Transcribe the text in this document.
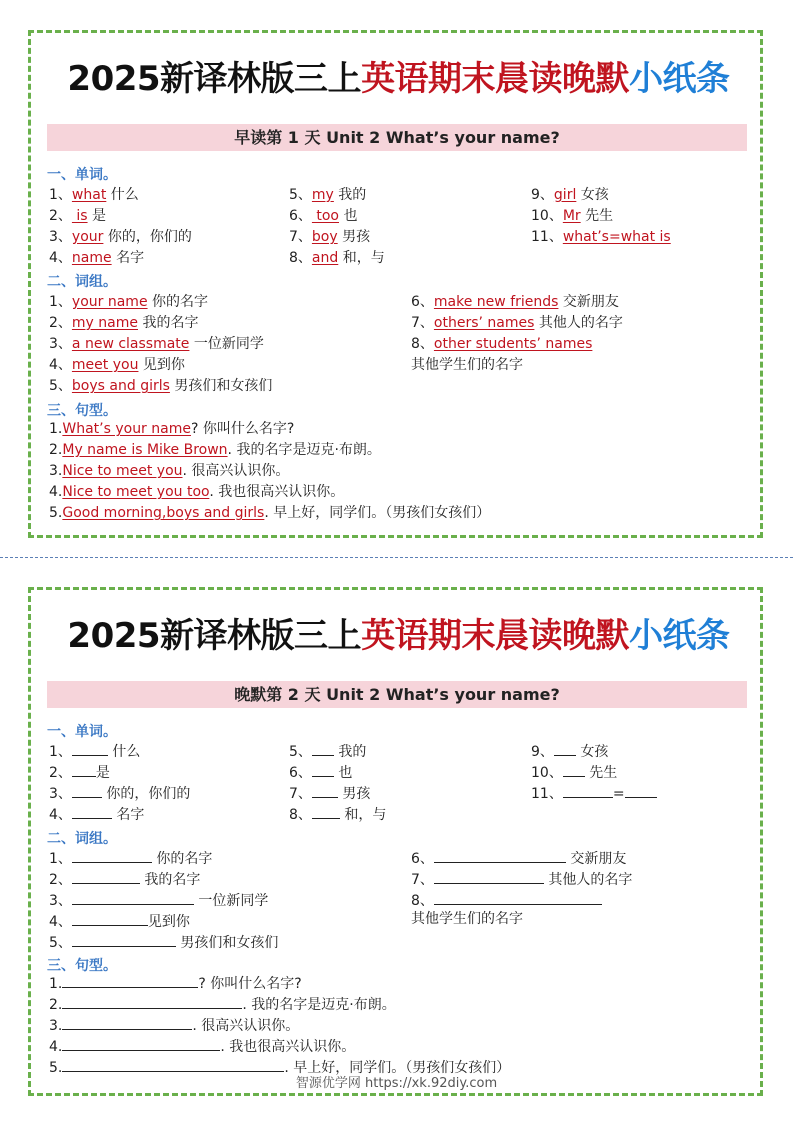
2025新译林版三上英语期末晨读晚默小纸条
早读第 1 天 Unit 2 What’s your name?
一、单词。
二、词组。
三、句型。
1、what 什么
2、 is 是
3、your 你的，你们的
4、name 名字
5、my 我的
6、 too 也
7、boy 男孩
8、and 和，与
9、girl 女孩
10、Mr 先生
11、what’s=what is
1、your name 你的名字
2、my name 我的名字
3、a new classmate 一位新同学
4、meet you 见到你
5、boys and girls 男孩们和女孩们
6、make new friends 交新朋友
7、others’ names 其他人的名字
8、other students’ names
其他学生们的名字
1.What’s your name? 你叫什么名字?
2.My name is Mike Brown. 我的名字是迈克·布朗。
3.Nice to meet you. 很高兴认识你。
4.Nice to meet you too. 我也很高兴认识你。
5.Good morning,boys and girls. 早上好，同学们。（男孩们女孩们）
2025新译林版三上英语期末晨读晚默小纸条
晚默第 2 天 Unit 2 What’s your name?
一、单词。
二、词组。
三、句型。
1、	什么
2、 是
3、 你的，你们的
4、	名字
5、 我的
6、 也
7、 男孩
8、 和，与
9、 女孩
10、 先生
11、	=
1、	你的名字
2、	我的名字
3、	一位新同学
4、	见到你
5、	男孩们和女孩们
6、	交新朋友
7、	其他人的名字
8、
其他学生们的名字
1.	? 你叫什么名字?
2.	. 我的名字是迈克·布朗。
3.	. 很高兴认识你。
4.	. 我也很高兴认识你。
5.	. 早上好，同学们。（男孩们女孩们）
智源优学网 https://xk.92diy.com
